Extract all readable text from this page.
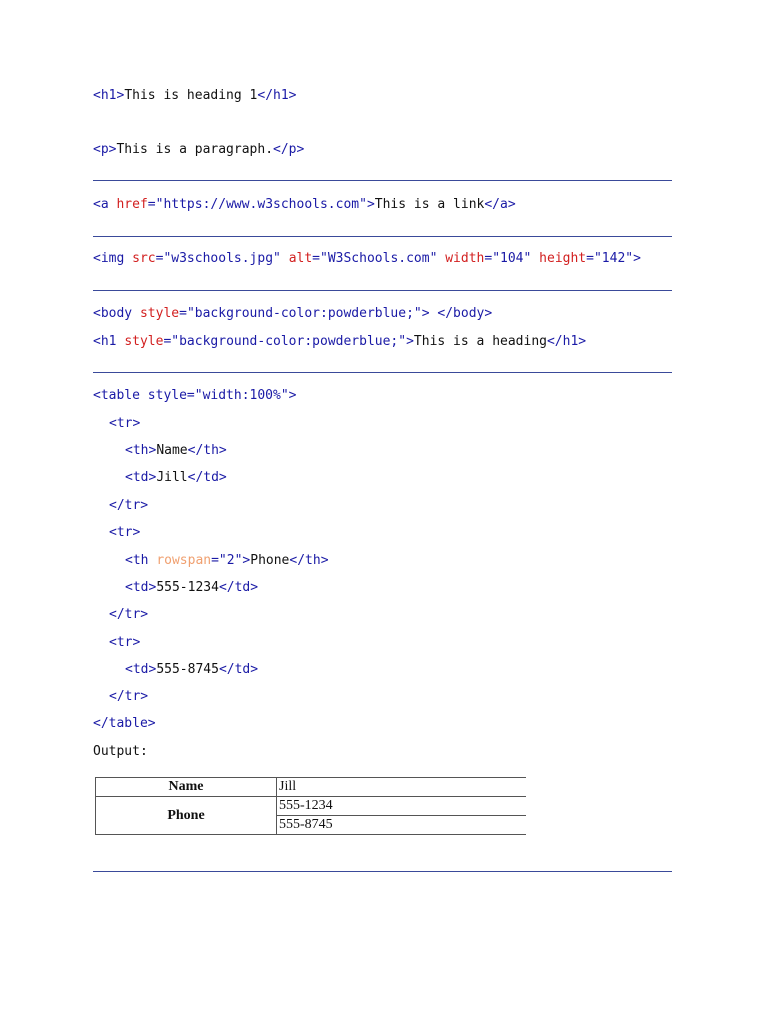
<h1>This is heading 1</h1>
<p>This is a paragraph.</p>
<a href="https://www.w3schools.com">This is a link</a>
<img src="w3schools.jpg" alt="W3Schools.com" width="104" height="142">
<body style="background-color:powderblue;"> </body>
<h1 style="background-color:powderblue;">This is a heading</h1>
<table style="width:100%">
<tr>
<th>Name</th>
<td>Jill</td>
</tr>
<tr>
<th rowspan="2">Phone</th>
<td>555-1234</td>
</tr>
<tr>
<td>555-8745</td>
</tr>
</table>
Output:
Name	Jill
Phone	555-1234
	555-8745
